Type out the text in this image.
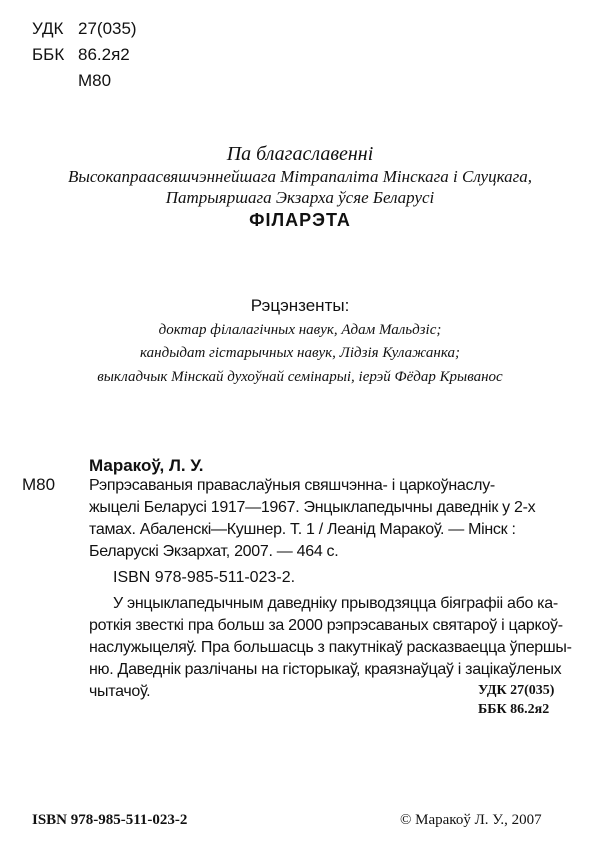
УДК 27(035)
ББК 86.2я2
М80
Па благаславенні
Высокапраасвяшчэннейшага Мітрапаліта Мінскага і Слуцкага,
Патрыяршага Экзарха ўсяе Беларусі
ФІЛАРЭТА
Рэцэнзенты:
доктар філалагічных навук, Адам Мальдзіс;
кандыдат гістарычных навук, Лідзія Кулажанка;
выкладчык Мінскай духоўнай семінарыі, іерэй Фёдар Крыванос
М80
Маракоў, Л. У.
Рэпрэсаваныя праваслаўныя свяшчэнна- і царкоўнаслу-
жыцелі Беларусі 1917—1967. Энцыклапедычны даведнік у 2-х
тамах. Абаленскі—Кушнер. Т. 1 / Леанід Маракоў. — Мінск :
Беларускі Экзархат, 2007. — 464 с.
ISBN 978-985-511-023-2.
У энцыклапедычным даведніку прыводзяцца біяграфіі або ка-
роткія звесткі пра больш за 2000 рэпрэсаваных святароў і царкоў-
наслужыцеляў. Пра большасць з пакутнікаў расказваецца ўпершы-
ню. Даведнік разлічаны на гісторыкаў, краязнаўцаў і зацікаўленых
чытачоў.	УДК 27(035)
ББК 86.2я2
ISBN 978-985-511-023-2	© Маракоў Л. У., 2007
